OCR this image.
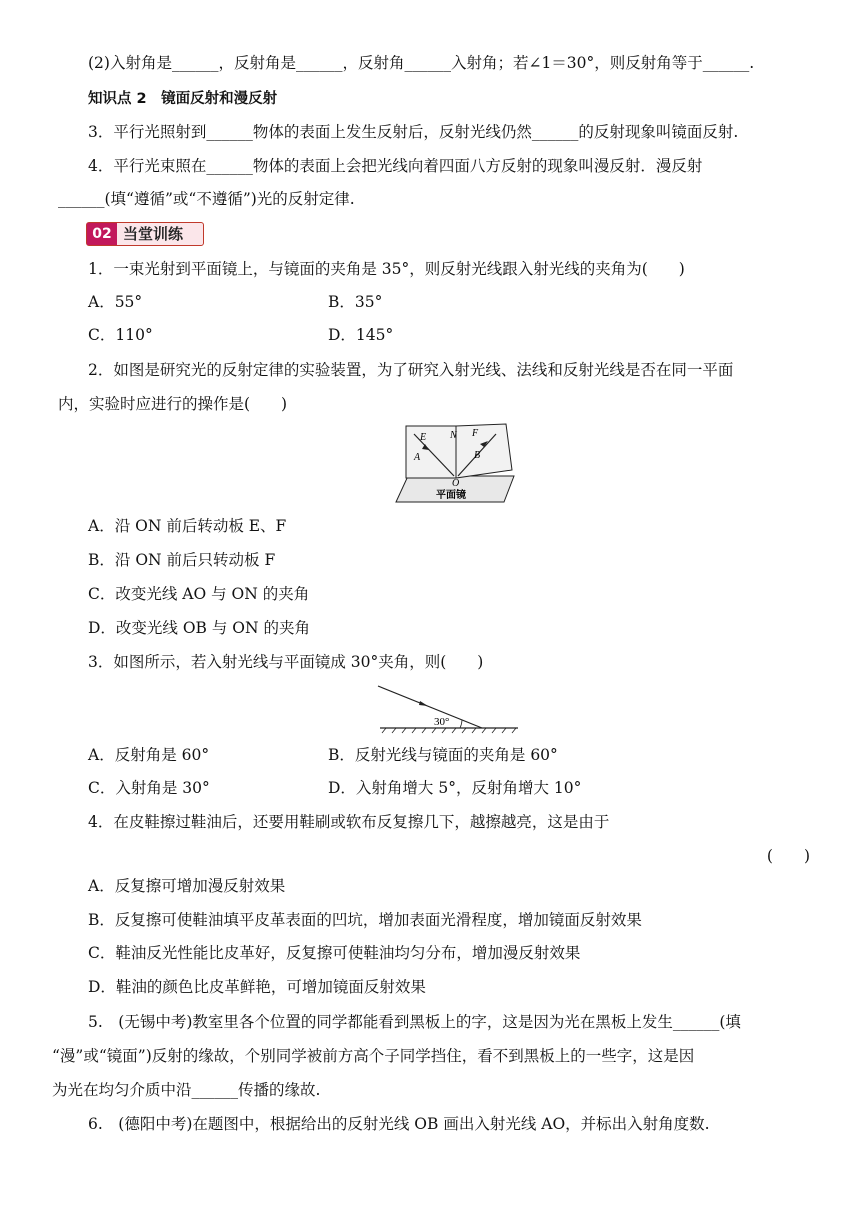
(2)入射角是______，反射角是______，反射角______入射角；若∠1＝30°，则反射角等于______.
知识点 2　镜面反射和漫反射
3．平行光照射到______物体的表面上发生反射后，反射光线仍然______的反射现象叫镜面反射.
4．平行光束照在______物体的表面上会把光线向着四面八方反射的现象叫漫反射．漫反射
______(填“遵循”或“不遵循”)光的反射定律.
02 当堂训练
1．一束光射到平面镜上，与镜面的夹角是 35°，则反射光线跟入射光线的夹角为(　　)
A．55°	B．35°
C．110°	D．145°
2．如图是研究光的反射定律的实验装置，为了研究入射光线、法线和反射光线是否在同一平面
内，实验时应进行的操作是(　　)
E N F
A	B
O
平面镜
A．沿 ON 前后转动板 E、F
B．沿 ON 前后只转动板 F
C．改变光线 AO 与 ON 的夹角
D．改变光线 OB 与 ON 的夹角
3．如图所示，若入射光线与平面镜成 30°夹角，则(　　)
30°
A．反射角是 60°	B．反射光线与镜面的夹角是 60°
C．入射角是 30°	D．入射角增大 5°，反射角增大 10°
4．在皮鞋擦过鞋油后，还要用鞋刷或软布反复擦几下，越擦越亮，这是由于
(　　)
A．反复擦可增加漫反射效果
B．反复擦可使鞋油填平皮革表面的凹坑，增加表面光滑程度，增加镜面反射效果
C．鞋油反光性能比皮革好，反复擦可使鞋油均匀分布，增加漫反射效果
D．鞋油的颜色比皮革鲜艳，可增加镜面反射效果
5.　(无锡中考)教室里各个位置的同学都能看到黑板上的字，这是因为光在黑板上发生______(填
“漫”或“镜面”)反射的缘故，个别同学被前方高个子同学挡住，看不到黑板上的一些字，这是因
为光在均匀介质中沿______传播的缘故.
6.　(德阳中考)在题图中，根据给出的反射光线 OB 画出入射光线 AO，并标出入射角度数.
